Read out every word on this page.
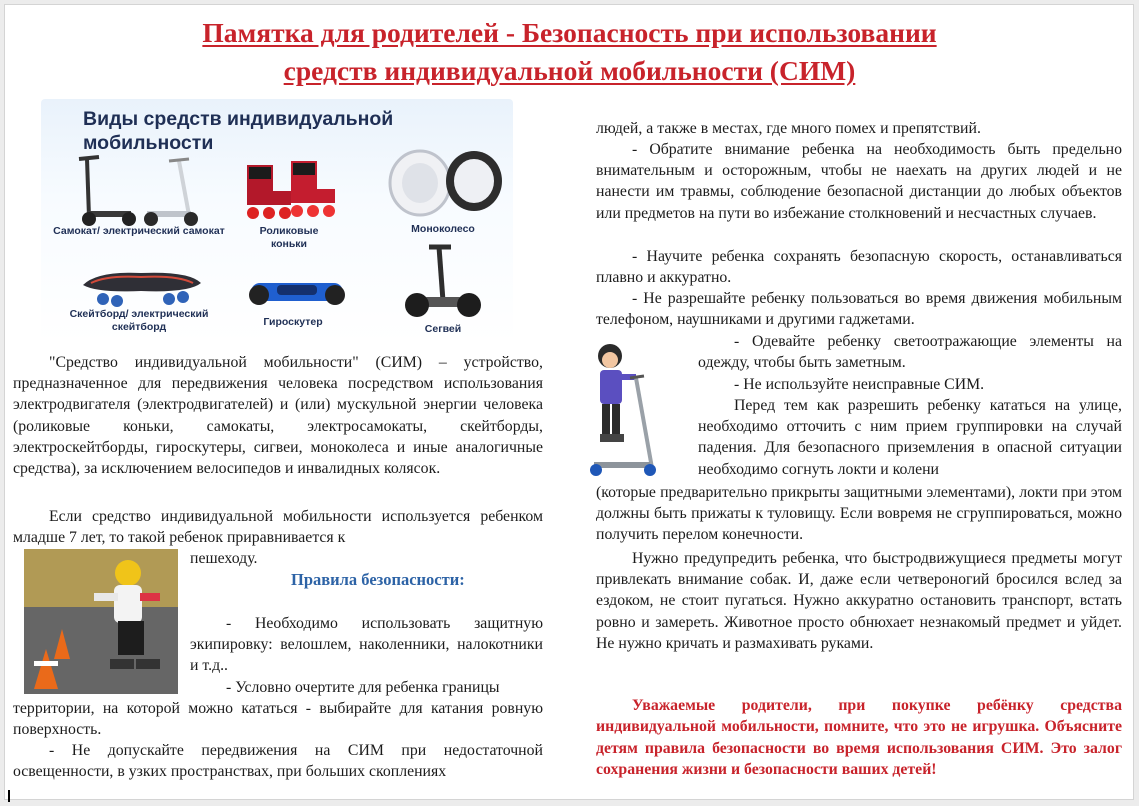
Памятка для родителей - Безопасность при использовании
средств индивидуальной мобильности (СИМ)
Виды средств индивидуальной мобильности
Самокат/ электрический самокат	Роликовые коньки
Моноколесо
Скейтборд/ электрический скейтборд	Гироскутер
Сегвей

"Средство индивидуальной мобильности" (СИМ) – устройство, предназначенное для передвижения человека посредством использования электродвигателя (электродвигателей) и (или) мускульной энергии человека (роликовые коньки, самокаты, электросамокаты, скейтборды, электроскейтборды, гироскутеры, сигвеи, моноколеса и иные аналогичные средства), за исключением велосипедов и инвалидных колясок.

Если средство индивидуальной мобильности используется ребенком младше 7 лет, то такой ребенок приравнивается к

пешеходу.
Правила безопасности:

- Необходимо использовать защитную экипировку: велошлем, наколенники, налокотники и т.д..

- Условно очертите для ребенка границы

территории, на которой можно кататься - выбирайте для катания ровную поверхность.

- Не допускайте передвижения на СИМ при недостаточной освещенности, в узких пространствах, при больших скоплениях

людей, а также в местах, где много помех и препятствий.

- Обратите внимание ребенка на необходимость быть предельно внимательным и осторожным, чтобы не наехать на других людей и не нанести им травмы, соблюдение безопасной дистанции до любых объектов или предметов на пути во избежание столкновений и несчастных случаев.

- Научите ребенка сохранять безопасную скорость, останавливаться плавно и аккуратно.

- Не разрешайте ребенку пользоваться во время движения мобильным телефоном, наушниками и другими гаджетами.

- Одевайте ребенку светоотражающие элементы на одежду, чтобы быть заметным.

- Не используйте неисправные СИМ.

Перед тем как разрешить ребенку кататься на улице, необходимо отточить с ним прием группировки на случай падения. Для безопасного приземления в опасной ситуации необходимо согнуть локти и колени

(которые предварительно прикрыты защитными элементами), локти при этом должны быть прижаты к туловищу. Если вовремя не сгруппироваться, можно получить перелом конечности.

Нужно предупредить ребенка, что быстродвижущиеся предметы могут привлекать внимание собак. И, даже если четвероногий бросился вслед за ездоком, не стоит пугаться. Нужно аккуратно остановить транспорт, встать ровно и замереть. Животное просто обнюхает незнакомый предмет и уйдет. Не нужно кричать и размахивать руками.

Уважаемые родители, при покупке ребёнку средства индивидуальной мобильности, помните, что это не игрушка. Объясните детям правила безопасности во время использования СИМ. Это залог сохранения жизни и безопасности ваших детей!
